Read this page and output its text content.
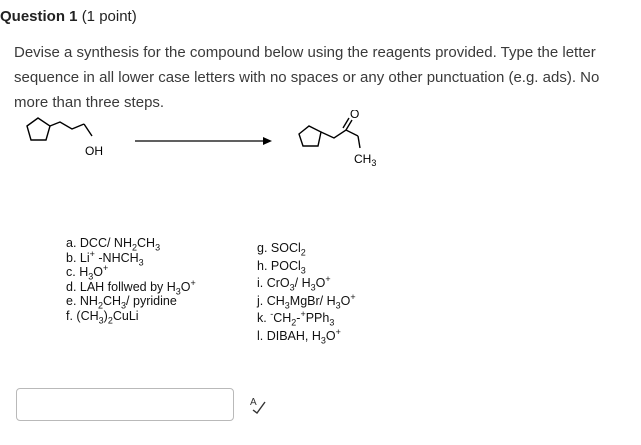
Question 1 (1 point)
Devise a synthesis for the compound below using the reagents provided. Type the letter sequence in all lower case letters with no spaces or any other punctuation (e.g. ads). No more than three steps.
OH
O
$CH_3$
a. DCC/ $NH_2CH_3$
b. Li+ $-NHCH_3$
c. $H_3O^+$
d. LAH follwed by $H_3O^+$
e. $NH_2CH_3/$ pyridine
f. $(CH_3)_2CuLi$
g. SOCl$_2$
h. POCl$_3$
i. CrO$_3$/ $H_3O^+$
j. $CH_3MgBr/$ $H_3O^+$
k. $^-CH_2-^+PPh_3$
l. DIBAH, $H_3O^+$
A
